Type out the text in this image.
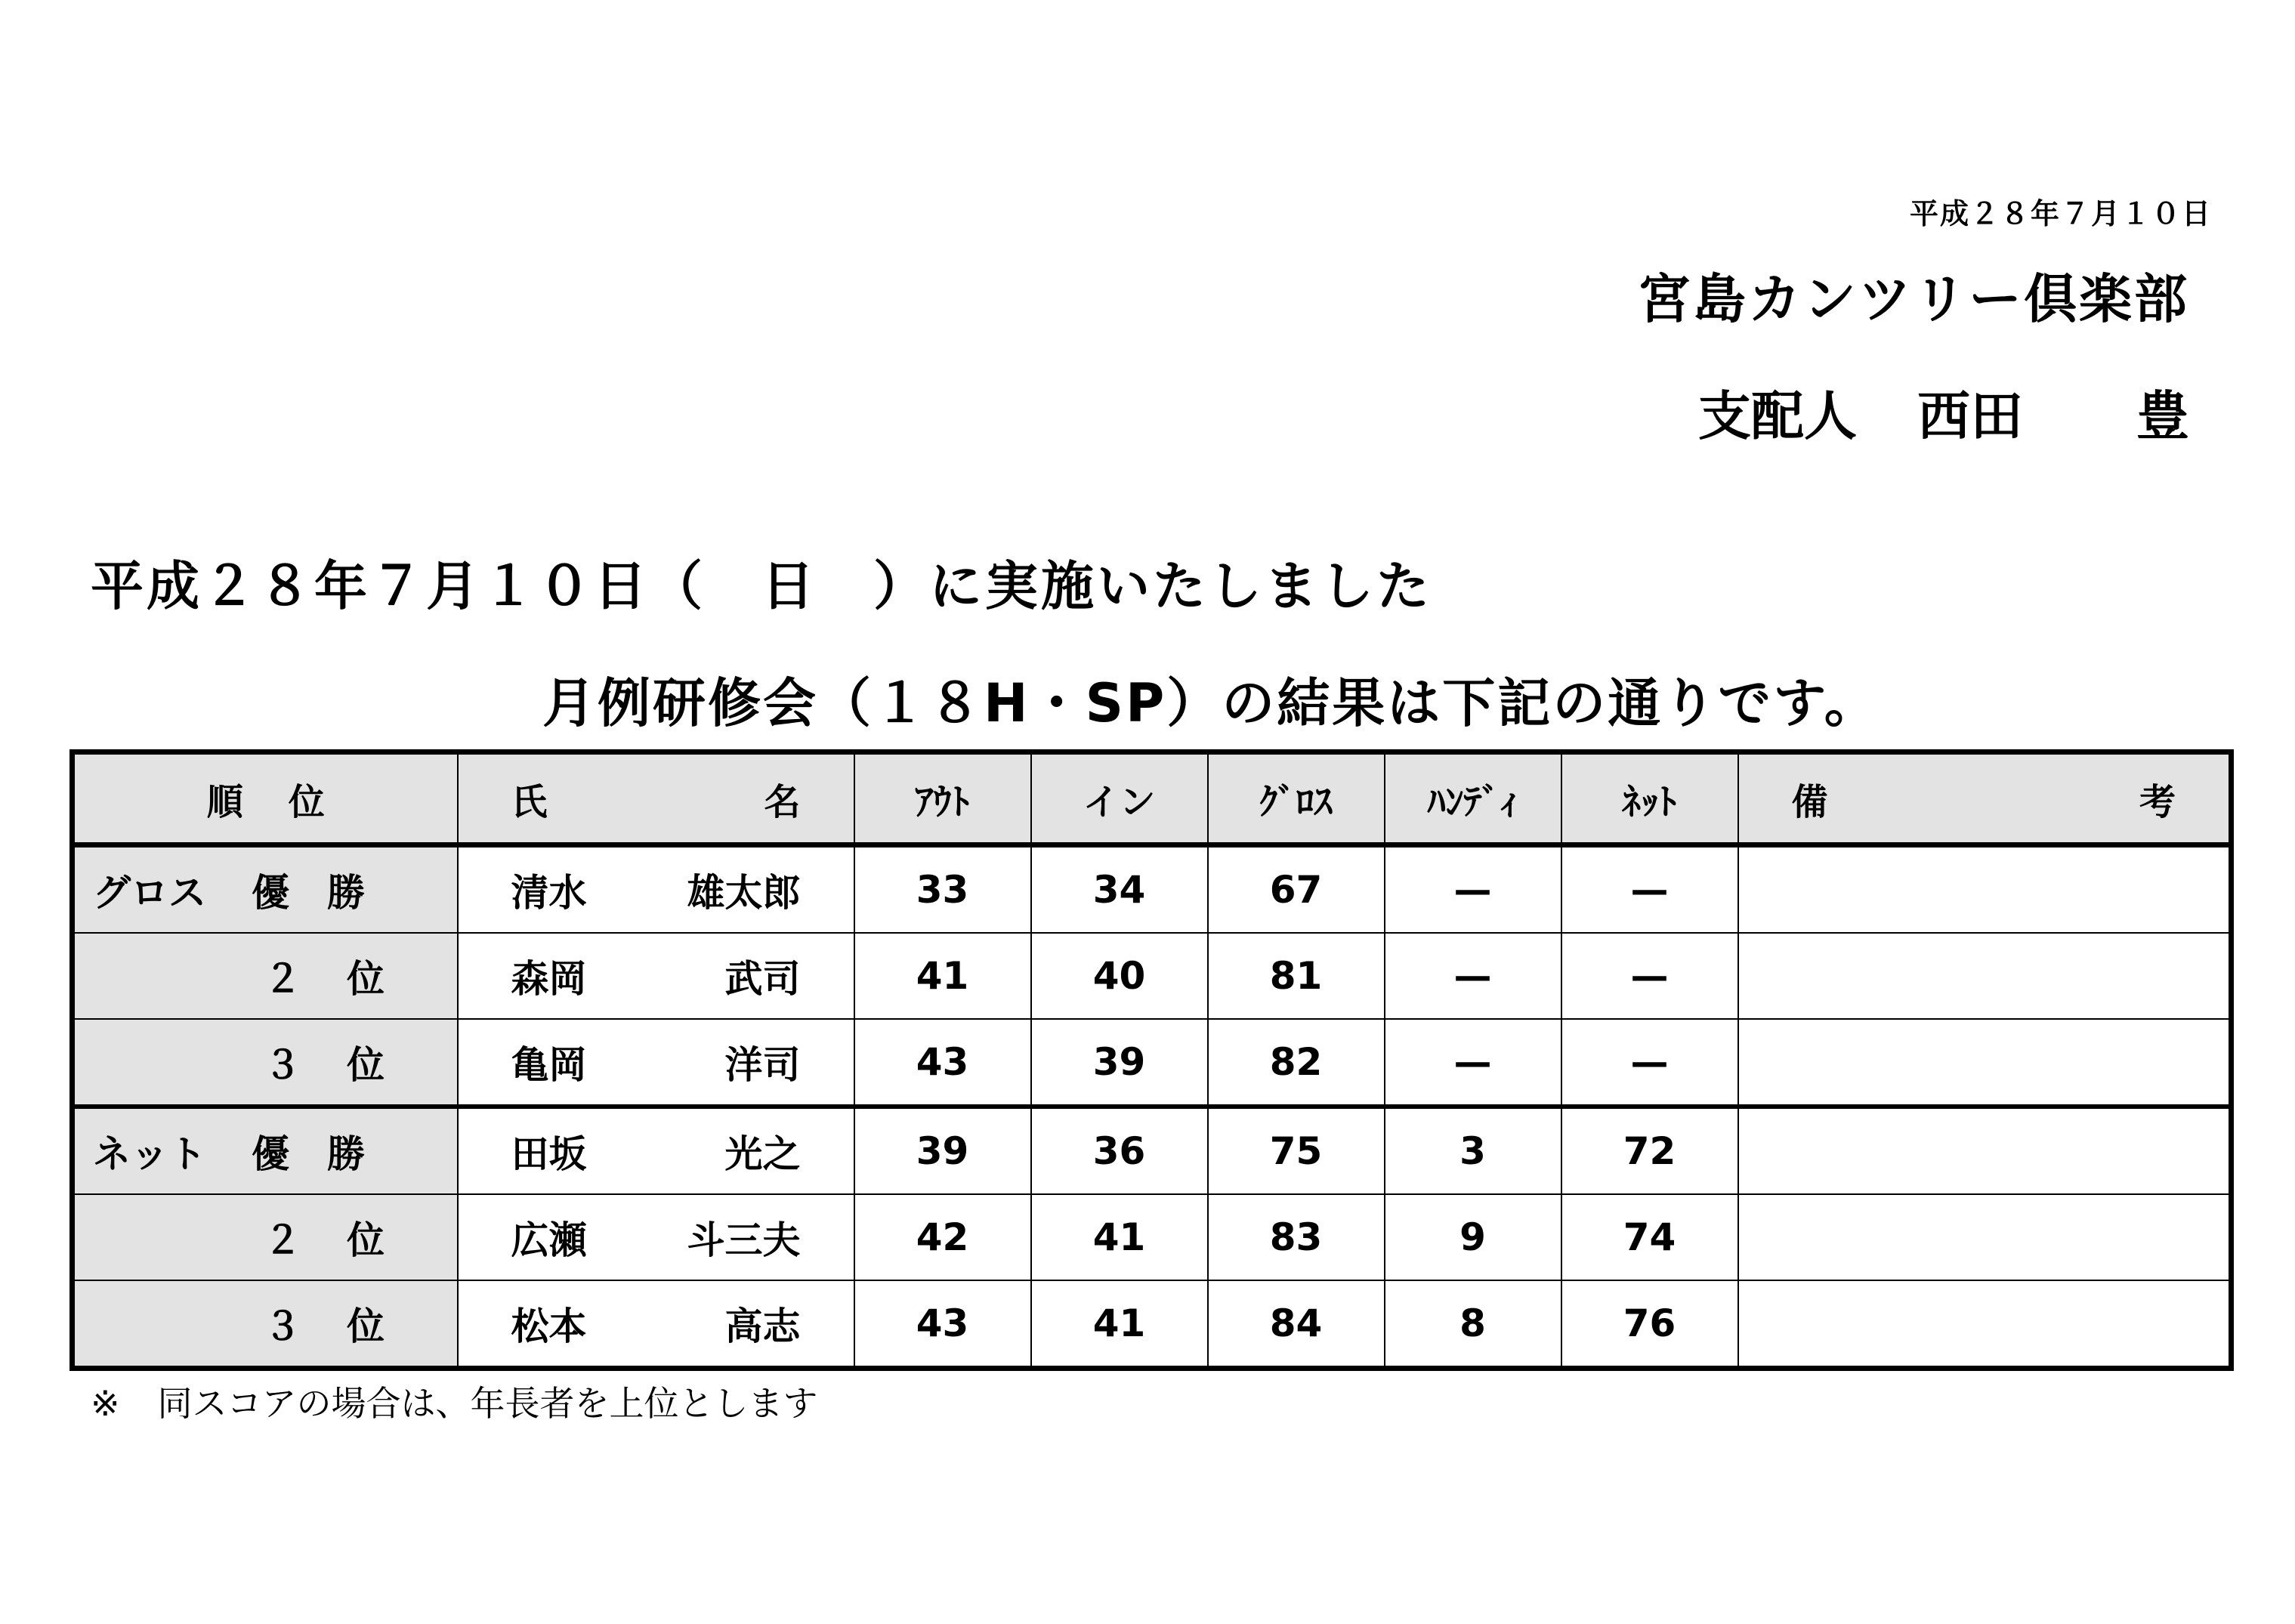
平成２８年７月１０日
宮島カンツリー倶楽部
支配人 西田 豊
平成２８年７月１０日（　日　）に実施いたしました
月例研修会（１８H・SP）の結果は下記の通りです。
順位	氏 名	ｱｳﾄ	イン	ｸﾞﾛｽ	ﾊﾝﾃﾞｨ	ﾈｯﾄ	備 考

グロス 優　勝	清水 雄太郎	33	34	67	—	—	

２ 位	森岡 武司	41	40	81	—	—	

３ 位	亀岡 洋司	43	39	82	—	—	

ネット 優　勝	田坂 光之	39	36	75	3	72	

２ 位	広瀬 斗三夫	42	41	83	9	74	

３ 位	松本 高志	43	41	84	8	76	
※ 同スコアの場合は、年長者を上位とします
